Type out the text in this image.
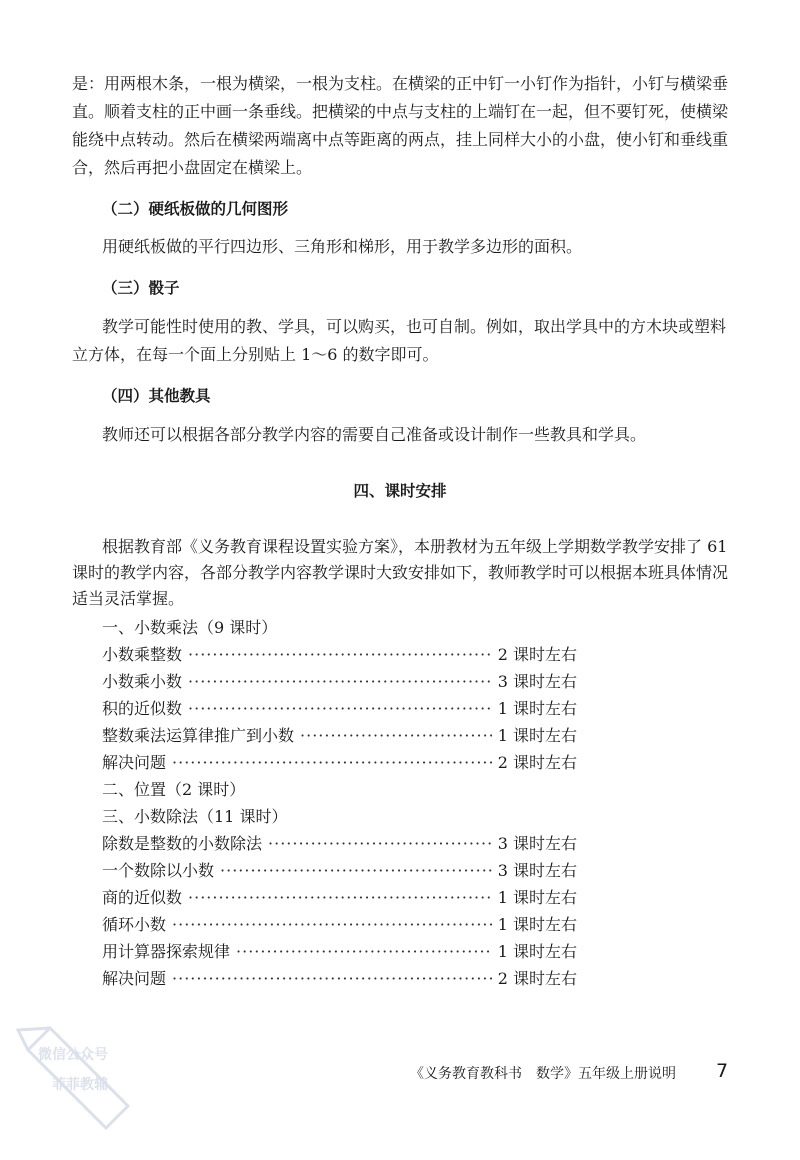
是：用两根木条，一根为横梁，一根为支柱。在横梁的正中钉一小钉作为指针，小钉与横梁垂
直。顺着支柱的正中画一条垂线。把横梁的中点与支柱的上端钉在一起，但不要钉死，使横梁
能绕中点转动。然后在横梁两端离中点等距离的两点，挂上同样大小的小盘，使小钉和垂线重
合，然后再把小盘固定在横梁上。
（二）硬纸板做的几何图形
用硬纸板做的平行四边形、三角形和梯形，用于教学多边形的面积。
（三）骰子
教学可能性时使用的教、学具，可以购买，也可自制。例如，取出学具中的方木块或塑料
立方体，在每一个面上分别贴上 1～6 的数字即可。
（四）其他教具
教师还可以根据各部分教学内容的需要自己准备或设计制作一些教具和学具。
四、课时安排
根据教育部《义务教育课程设置实验方案》，本册教材为五年级上学期数学教学安排了 61
课时的教学内容，各部分教学内容教学课时大致安排如下，教师教学时可以根据本班具体情况
适当灵活掌握。
一、小数乘法（9 课时）
小数乘整数 ·····	2 课时左右
小数乘小数 ·····	3 课时左右
积的近似数 ·····	1 课时左右
整数乘法运算律推广到小数 ·····	1 课时左右
解决问题 ·····	2 课时左右
二、位置（2 课时）
三、小数除法（11 课时）
除数是整数的小数除法 ·····	3 课时左右
一个数除以小数 ·····	3 课时左右
商的近似数 ·····	1 课时左右
循环小数 ·····	1 课时左右
用计算器探索规律 ·····	1 课时左右
解决问题 ·····	2 课时左右
微信公众号
菲菲教辅
《义务教育教科书　数学》五年级上册说明 7
